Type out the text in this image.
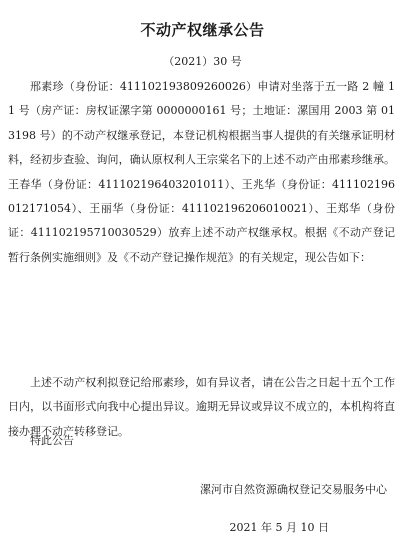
不动产权继承公告
（2021）30 号

邢素珍（身份证：411102193809260026）申请对坐落于五一路 2 幢 11 号（房产证：房权证漯字第 0000000161 号；土地证：漯国用 2003 第 013198 号）的不动产权继承登记，本登记机构根据当事人提供的有关继承证明材料，经初步查验、询问，确认原权利人王宗棠名下的上述不动产由邢素珍继承。王春华（身份证：411102196403201011）、王兆华（身份证：411102196012171054）、王丽华（身份证：411102196206010021）、王郑华（身份证：411102195710030529）放弃上述不动产权继承权。根据《不动产登记暂行条例实施细则》及《不动产登记操作规范》的有关规定，现公告如下：

上述不动产权利拟登记给邢素珍，如有异议者，请在公告之日起十五个工作日内，以书面形式向我中心提出异议。逾期无异议或异议不成立的，本机构将直接办理不动产转移登记。

特此公告
漯河市自然资源确权登记交易服务中心
2021 年 5 月 10 日
